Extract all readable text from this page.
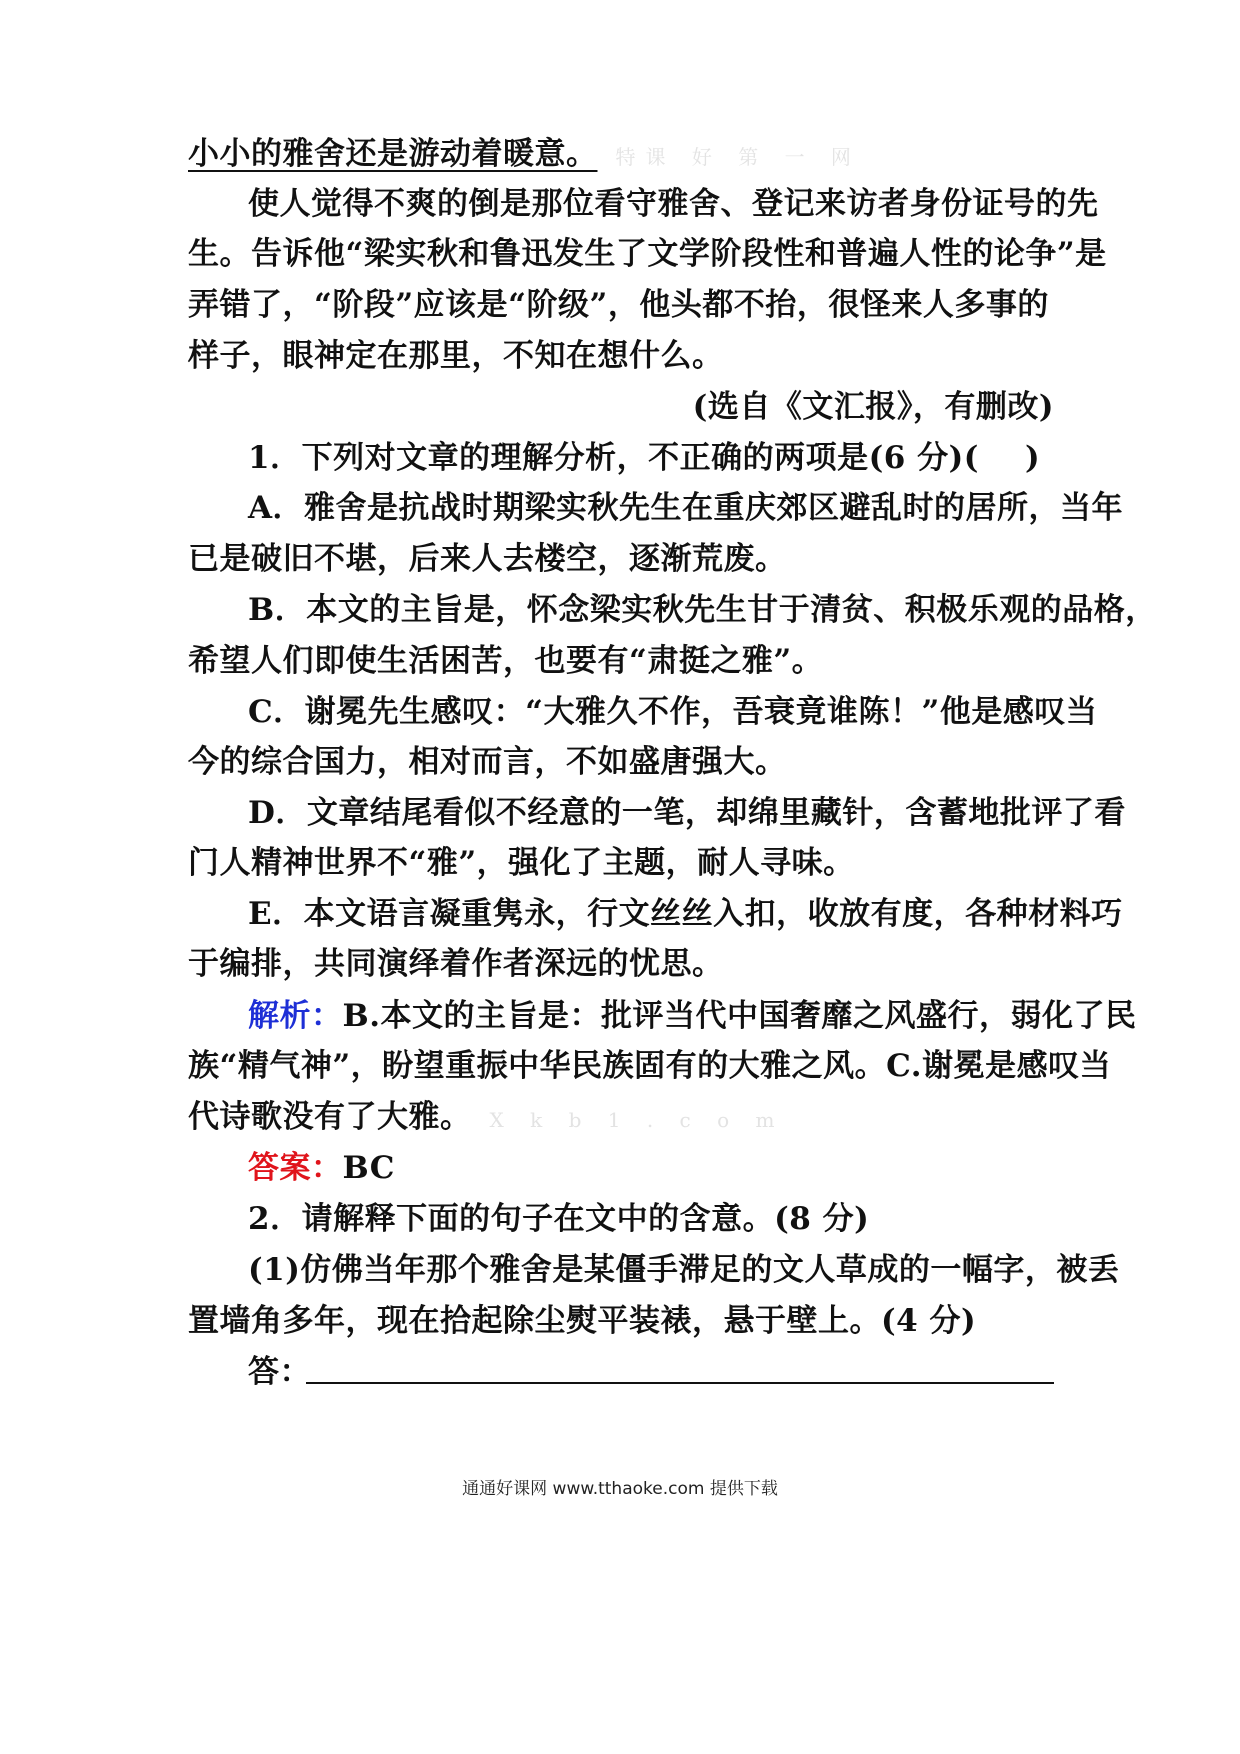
小小的雅舍还是游动着暖意。 特课 好 第 一 网
使人觉得不爽的倒是那位看守雅舍、登记来访者身份证号的先
生。告诉他“梁实秋和鲁迅发生了文学阶段性和普遍人性的论争”是
弄错了，“阶段”应该是“阶级”，他头都不抬，很怪来人多事的
样子，眼神定在那里，不知在想什么。
(选自《文汇报》，有删改)
1．下列对文章的理解分析，不正确的两项是(6 分)( )
A．雅舍是抗战时期梁实秋先生在重庆郊区避乱时的居所，当年
已是破旧不堪，后来人去楼空，逐渐荒废。
B．本文的主旨是，怀念梁实秋先生甘于清贫、积极乐观的品格，
希望人们即使生活困苦，也要有“肃挺之雅”。
C．谢冕先生感叹：“大雅久不作，吾衰竟谁陈！”他是感叹当
今的综合国力，相对而言，不如盛唐强大。
D．文章结尾看似不经意的一笔，却绵里藏针，含蓄地批评了看
门人精神世界不“雅”，强化了主题，耐人寻味。
E．本文语言凝重隽永，行文丝丝入扣，收放有度，各种材料巧
于编排，共同演绎着作者深远的忧思。
解析：B.本文的主旨是：批评当代中国奢靡之风盛行，弱化了民
族“精气神”，盼望重振中华民族固有的大雅之风。C.谢冕是感叹当
代诗歌没有了大雅。 X k b 1 . c o m
答案：BC
2．请解释下面的句子在文中的含意。(8 分)
(1)仿佛当年那个雅舍是某僵手滞足的文人草成的一幅字，被丢
置墙角多年，现在拾起除尘熨平装裱，悬于壁上。(4 分)
答：
通通好课网 www.tthaoke.com 提供下载
